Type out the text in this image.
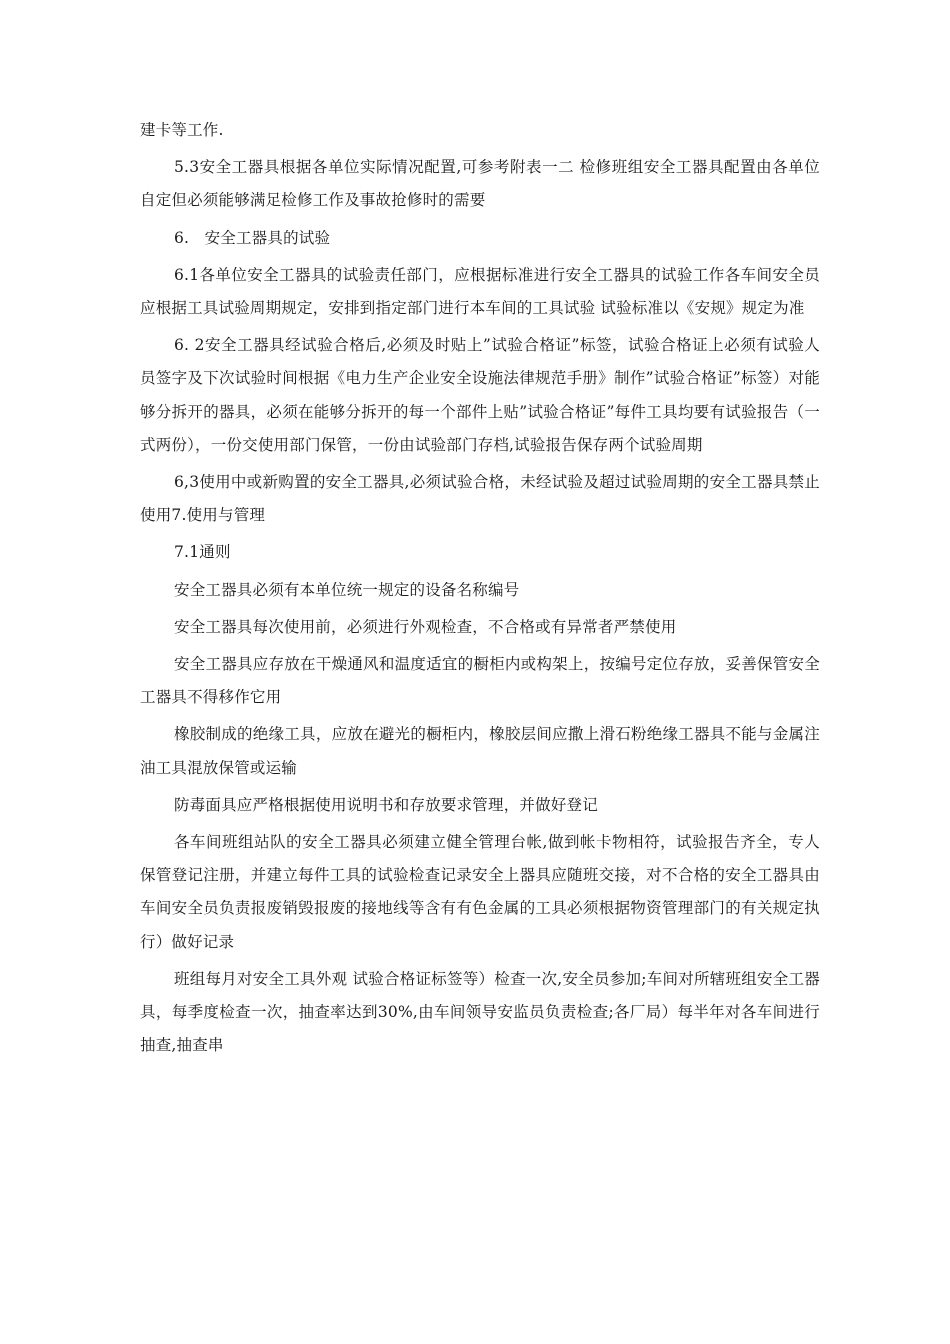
建卡等工作.

5.3安全工器具根据各单位实际情况配置,可参考附表一二 检修班组安全工器具配置由各单位自定但必须能够满足检修工作及事故抢修时的需要

6.   安全工器具的试验

6.1各单位安全工器具的试验责任部门，应根据标准进行安全工器具的试验工作各车间安全员应根据工具试验周期规定，安排到指定部门进行本车间的工具试验 试验标准以《安规》规定为准

6. 2安全工器具经试验合格后,必须及时贴上”试验合格证”标签，试验合格证上必须有试验人员签字及下次试验时间根据《电力生产企业安全设施法律规范手册》制作”试验合格证”标签）对能够分拆开的器具，必须在能够分拆开的每一个部件上贴”试验合格证”每件工具均要有试验报告（一式两份），一份交使用部门保管，一份由试验部门存档,试验报告保存两个试验周期

6,3使用中或新购置的安全工器具,必须试验合格，未经试验及超过试验周期的安全工器具禁止使用7.使用与管理

7.1通则

安全工器具必须有本单位统一规定的设备名称编号

安全工器具每次使用前，必须进行外观检查，不合格或有异常者严禁使用

安全工器具应存放在干燥通风和温度适宜的橱柜内或构架上，按编号定位存放，妥善保管安全工器具不得移作它用

橡胶制成的绝缘工具，应放在避光的橱柜内，橡胶层间应撒上滑石粉绝缘工器具不能与金属注油工具混放保管或运输

防毒面具应严格根据使用说明书和存放要求管理，并做好登记

各车间班组站队的安全工器具必须建立健全管理台帐,做到帐卡物相符，试验报告齐全，专人保管登记注册，并建立每件工具的试验检查记录安全上器具应随班交接，对不合格的安全工器具由车间安全员负责报废销毁报废的接地线等含有有色金属的工具必须根据物资管理部门的有关规定执行）做好记录

班组每月对安全工具外观 试验合格证标签等）检查一次,安全员参加;车间对所辖班组安全工器具，每季度检查一次，抽查率达到30%,由车间领导安监员负责检查;各厂局）每半年对各车间进行抽查,抽查串
